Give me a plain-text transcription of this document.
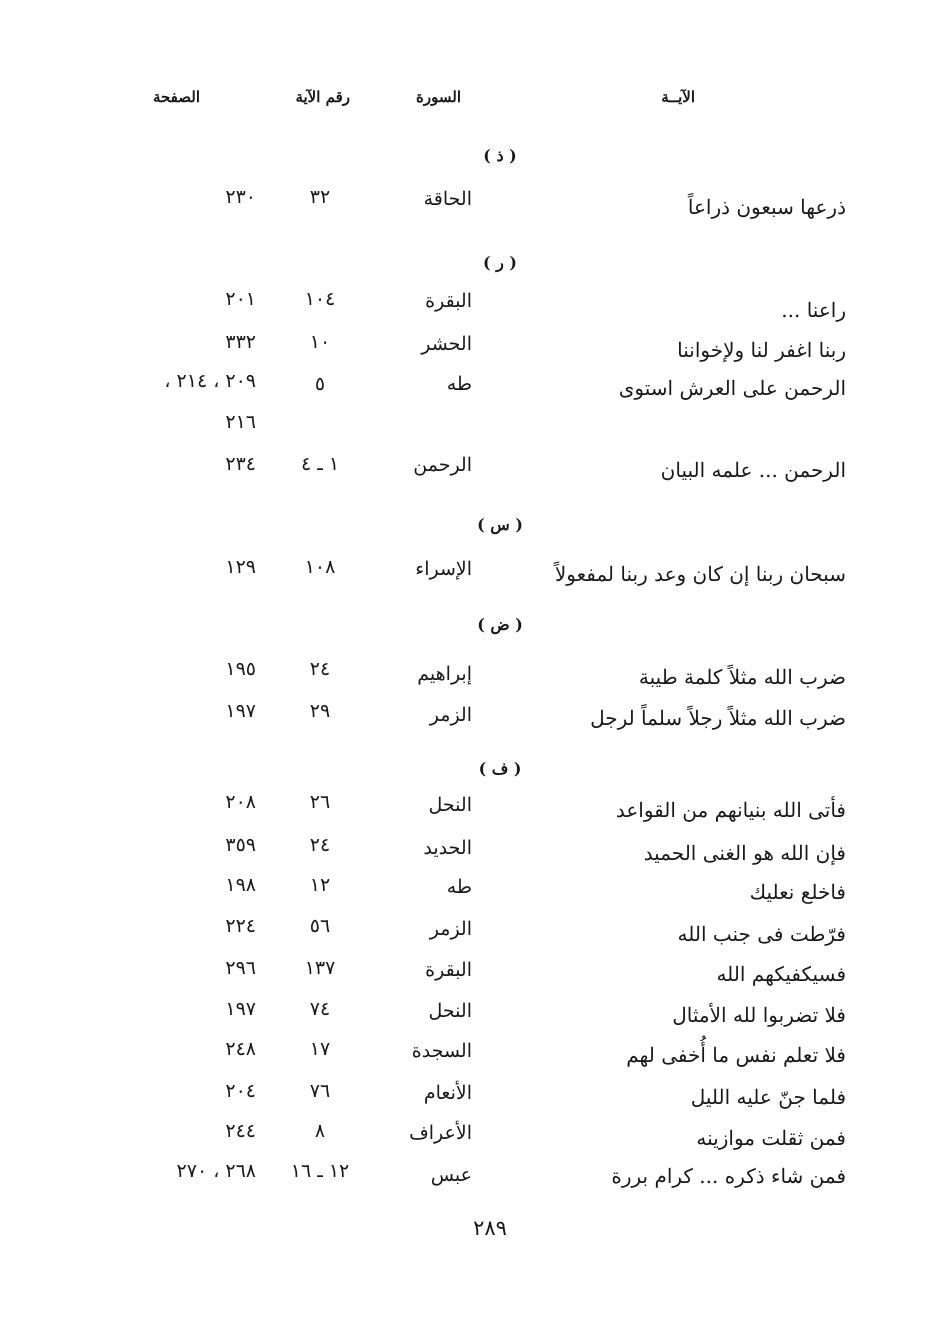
الآيــة
السورة
رقم الآية
الصفحة
( ذ )
ذرعها سبعون ذراعاً
الحاقة
٣٢
٢٣٠
( ر )
راعنا ...
البقرة
١٠٤
٢٠١
ربنا اغفر لنا ولإخواننا
الحشر
١٠
٣٣٢
الرحمن على العرش استوى
طه
٥
٢٠٩ ، ٢١٤ ،
٢١٦
الرحمن ... علمه البيان
الرحمن
١ ـ ٤
٢٣٤
( س )
سبحان ربنا إن كان وعد ربنا لمفعولاً
الإسراء
١٠٨
١٢٩
( ض )
ضرب الله مثلاً كلمة طيبة
إبراهيم
٢٤
١٩٥
ضرب الله مثلاً رجلاً سلماً لرجل
الزمر
٢٩
١٩٧
( ف )
فأتى الله بنيانهم من القواعد
النحل
٢٦
٢٠٨
فإن الله هو الغنى الحميد
الحديد
٢٤
٣٥٩
فاخلع نعليك
طه
١٢
١٩٨
فرّطت فى جنب الله
الزمر
٥٦
٢٢٤
فسيكفيكهم الله
البقرة
١٣٧
٢٩٦
فلا تضربوا لله الأمثال
النحل
٧٤
١٩٧
فلا تعلم نفس ما أُخفى لهم
السجدة
١٧
٢٤٨
فلما جنّ عليه الليل
الأنعام
٧٦
٢٠٤
فمن ثقلت موازينه
الأعراف
٨
٢٤٤
فمن شاء ذكره ... كرام بررة
عبس
١٢ ـ ١٦
٢٦٨ ، ٢٧٠
٢٨٩
